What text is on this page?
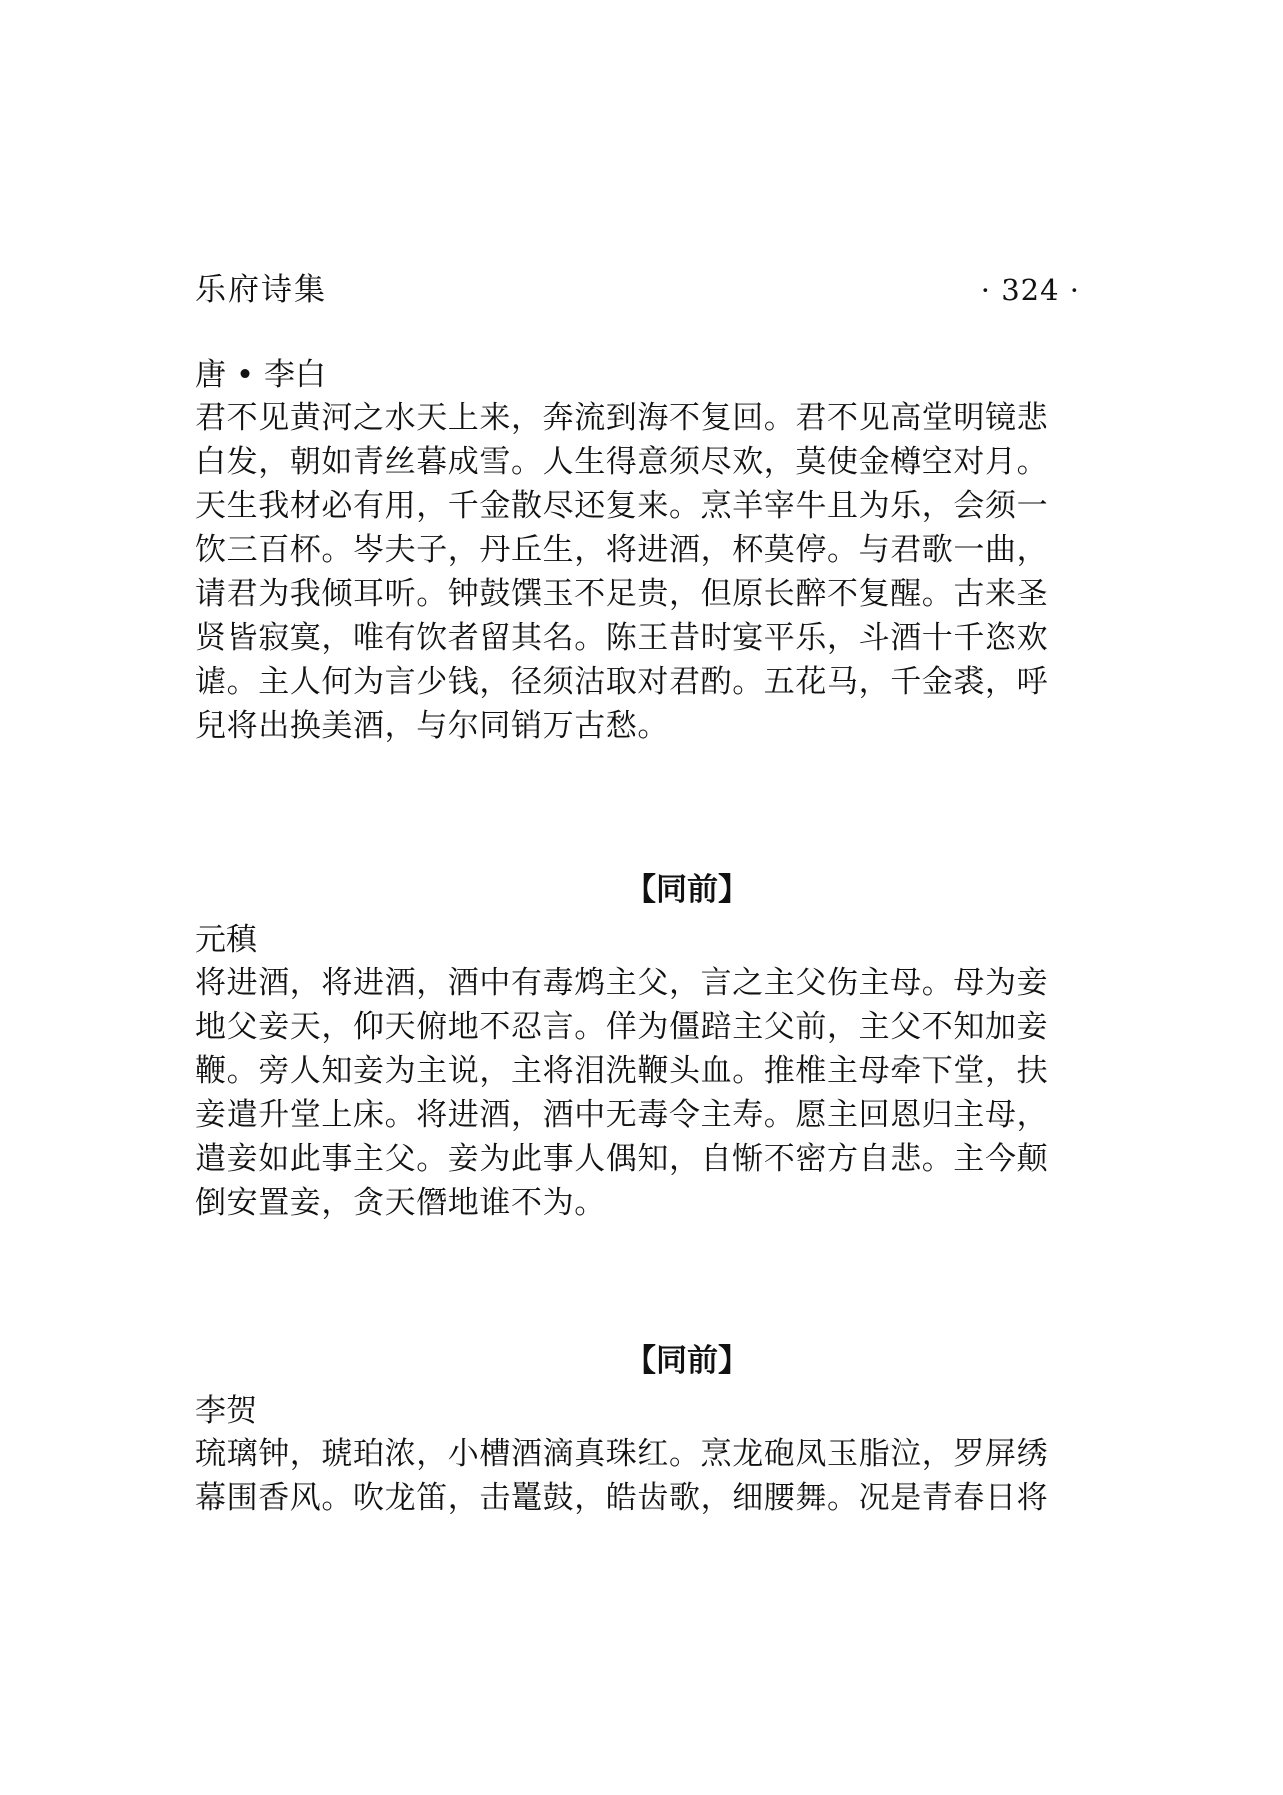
乐府诗集	· 324 ·

唐 • 李白

君不见黄河之水天上来，奔流到海不复回。君不见高堂明镜悲

白发，朝如青丝暮成雪。人生得意须尽欢，莫使金樽空对月。

天生我材必有用，千金散尽还复来。烹羊宰牛且为乐，会须一

饮三百杯。岑夫子，丹丘生，将进酒，杯莫停。与君歌一曲，

请君为我倾耳听。钟鼓馔玉不足贵，但原长醉不复醒。古来圣

贤皆寂寞，唯有饮者留其名。陈王昔时宴平乐，斗酒十千恣欢

谑。主人何为言少钱，径须沽取对君酌。五花马，千金裘，呼

兒将出换美酒，与尔同销万古愁。

【同前】

元稹

将进酒，将进酒，酒中有毒鸩主父，言之主父伤主母。母为妾

地父妾天，仰天俯地不忍言。佯为僵踣主父前，主父不知加妾

鞭。旁人知妾为主说，主将泪洗鞭头血。推椎主母牵下堂，扶

妾遣升堂上床。将进酒，酒中无毒令主寿。愿主回恩归主母，

遣妾如此事主父。妾为此事人偶知，自惭不密方自悲。主今颠

倒安置妾，贪天僭地谁不为。

【同前】

李贺

琉璃钟，琥珀浓，小槽酒滴真珠红。烹龙砲凤玉脂泣，罗屏绣

幕围香风。吹龙笛，击鼍鼓，皓齿歌，细腰舞。况是青春日将
